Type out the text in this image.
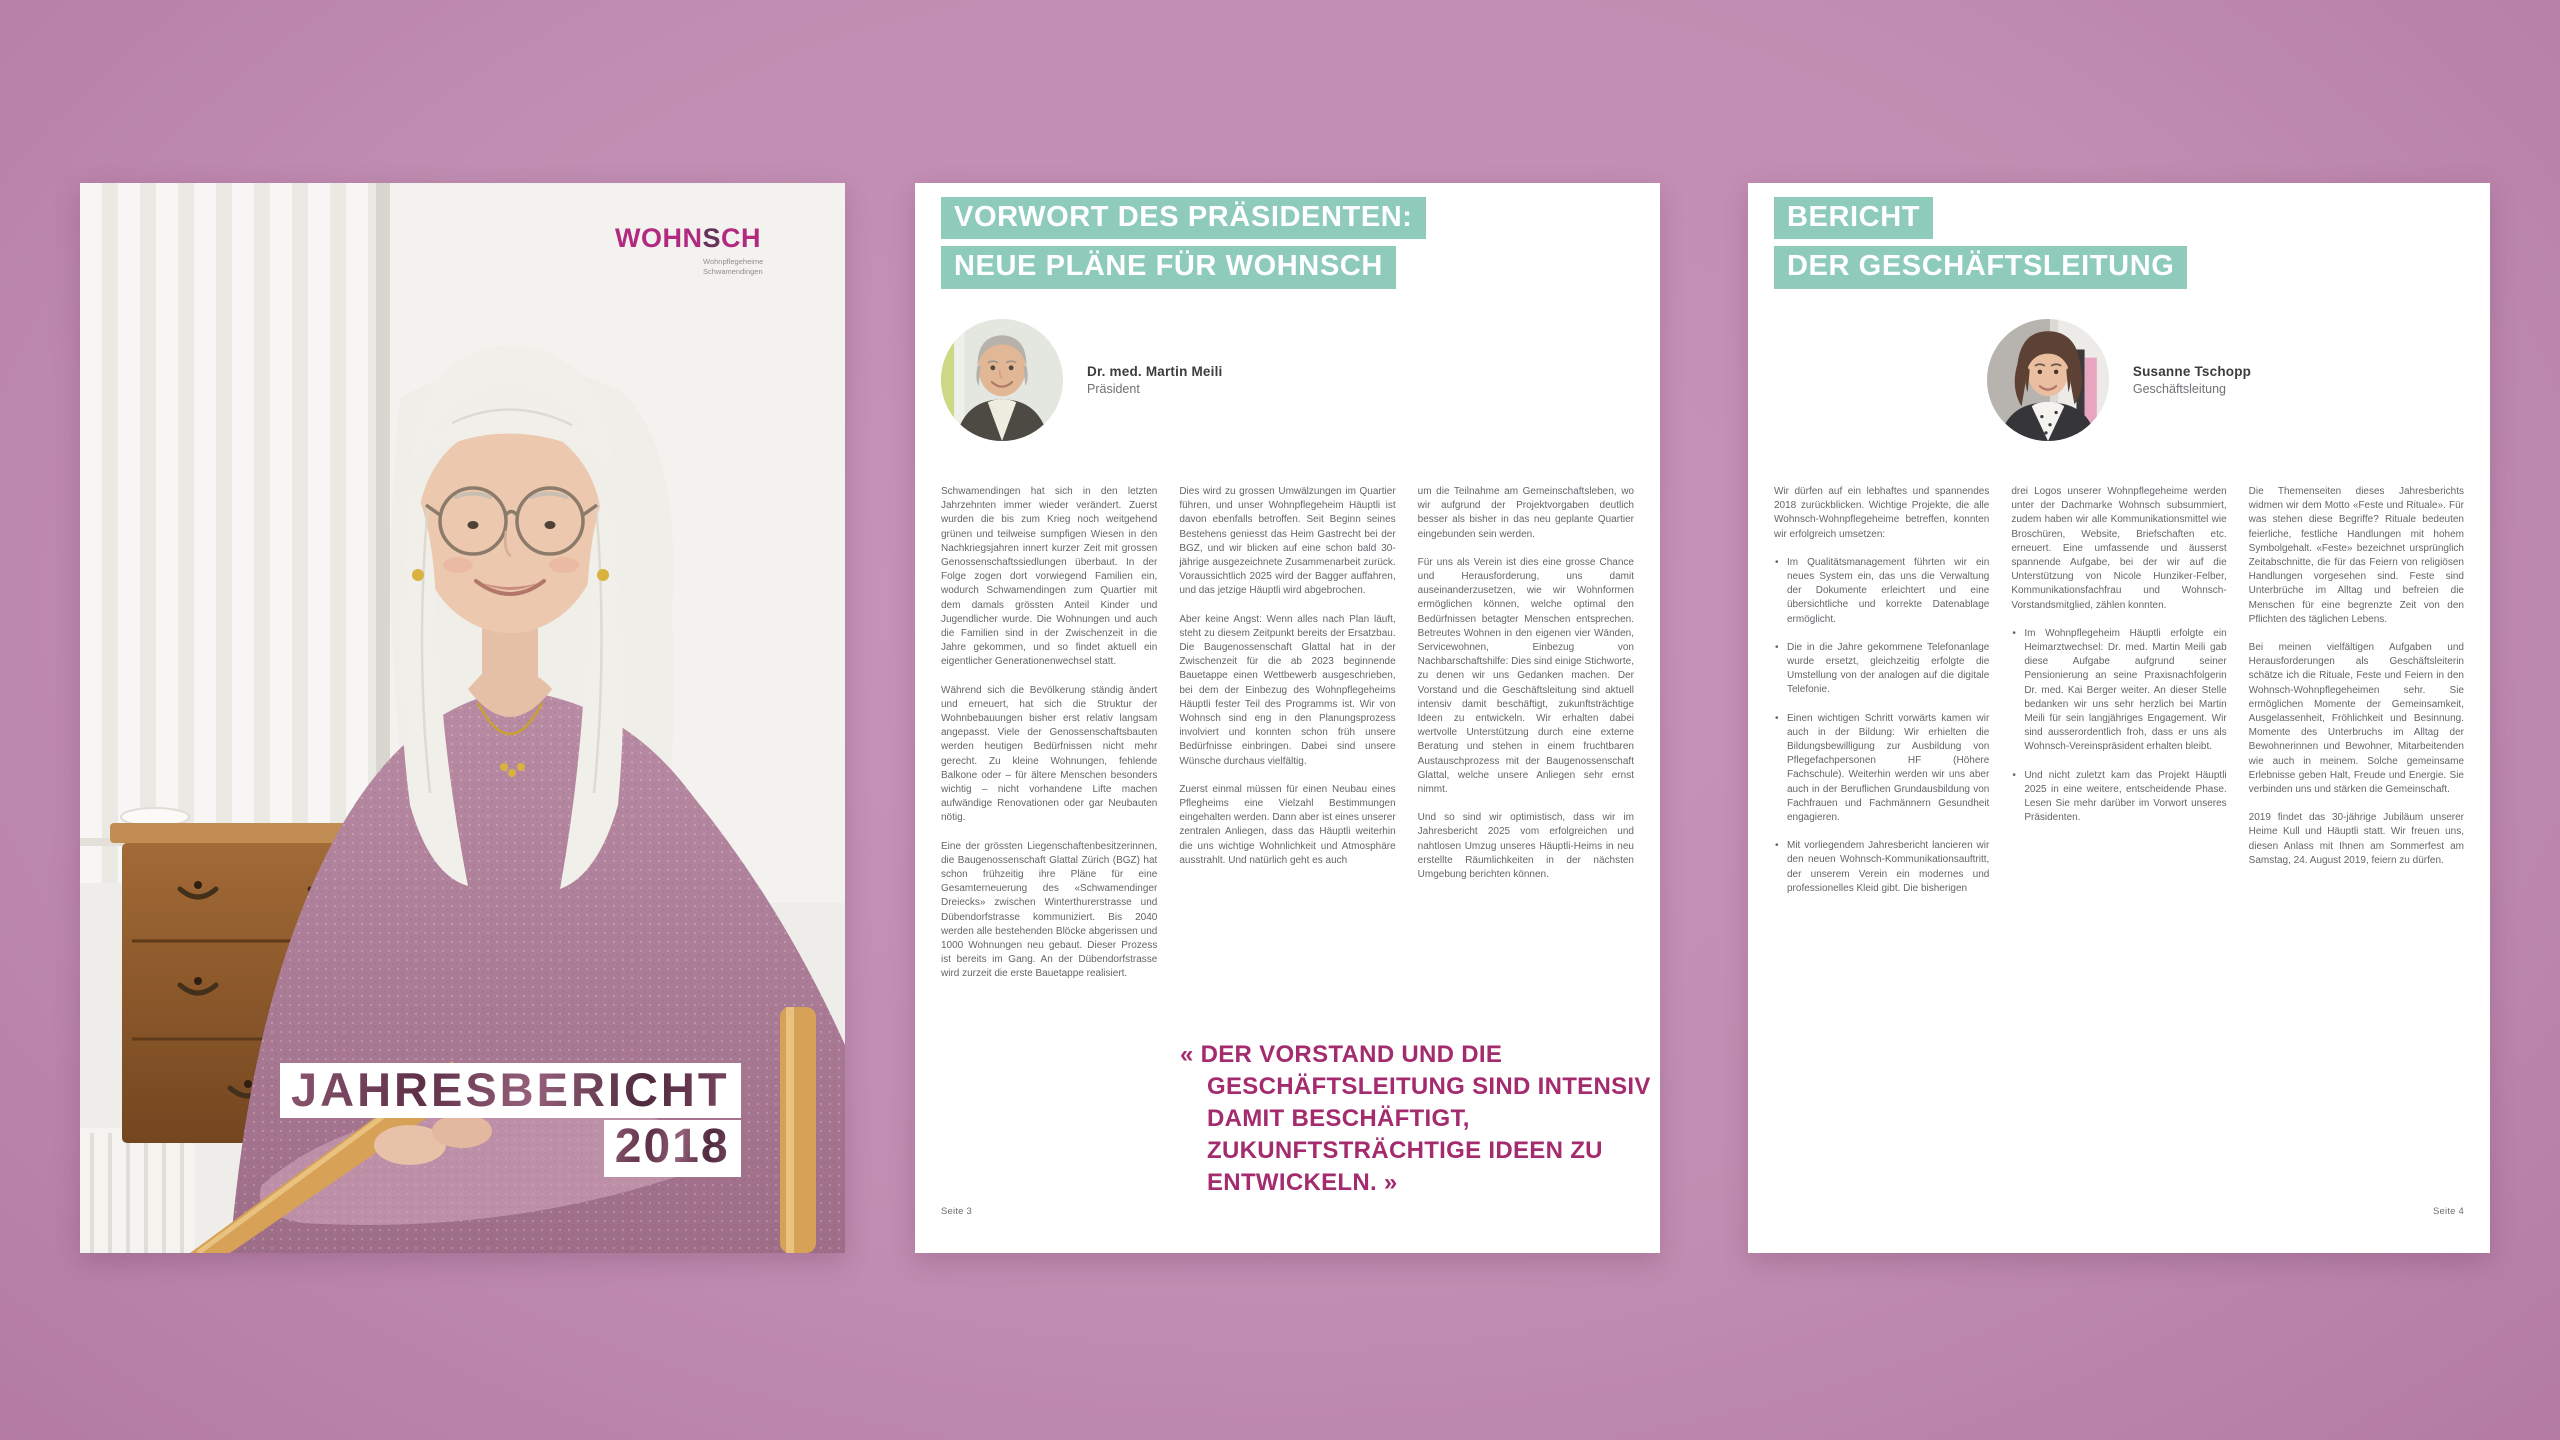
WOHNSCH
Wohnpflegeheime
Schwamendingen
JAHRESBERICHT
2018
VORWORT DES PRÄSIDENTEN:
NEUE PLÄNE FÜR WOHNSCH
Dr. med. Martin Meili
Präsident

Schwamendingen hat sich in den letzten Jahrzehnten immer wieder verändert. Zuerst wurden die bis zum Krieg noch weitgehend grünen und teilweise sumpfigen Wiesen in den Nachkriegsjahren innert kurzer Zeit mit grossen Genossenschaftssiedlungen überbaut. In der Folge zogen dort vorwiegend Familien ein, wodurch Schwamendingen zum Quartier mit dem damals grössten Anteil Kinder und Jugendlicher wurde. Die Wohnungen und auch die Familien sind in der Zwischenzeit in die Jahre gekommen, und so findet aktuell ein eigentlicher Generationenwechsel statt.

Während sich die Bevölkerung ständig ändert und erneuert, hat sich die Struktur der Wohnbebauungen bisher erst relativ langsam angepasst. Viele der Genossenschaftsbauten werden heutigen Bedürfnissen nicht mehr gerecht. Zu kleine Wohnungen, fehlende Balkone oder – für ältere Menschen besonders wichtig – nicht vorhandene Lifte machen aufwändige Renovationen oder gar Neubauten nötig.

Eine der grössten Liegenschaftenbesitzerinnen, die Baugenossenschaft Glattal Zürich (BGZ) hat schon frühzeitig ihre Pläne für eine Gesamterneuerung des «Schwamendinger Dreiecks» zwischen Winterthurerstrasse und Dübendorfstrasse kommuniziert. Bis 2040 werden alle bestehenden Blöcke abgerissen und 1000 Wohnungen neu gebaut. Dieser Prozess ist bereits im Gang. An der Dübendorfstrasse wird zurzeit die erste Bauetappe realisiert.

Dies wird zu grossen Umwälzungen im Quartier führen, und unser Wohnpflegeheim Häuptli ist davon ebenfalls betroffen. Seit Beginn seines Bestehens geniesst das Heim Gastrecht bei der BGZ, und wir blicken auf eine schon bald 30-jährige ausgezeichnete Zusammenarbeit zurück. Voraussichtlich 2025 wird der Bagger auffahren, und das jetzige Häuptli wird abgebrochen.

Aber keine Angst: Wenn alles nach Plan läuft, steht zu diesem Zeitpunkt bereits der Ersatzbau. Die Baugenossenschaft Glattal hat in der Zwischenzeit für die ab 2023 beginnende Bauetappe einen Wettbewerb ausgeschrieben, bei dem der Einbezug des Wohnpflegeheims Häuptli fester Teil des Programms ist. Wir von Wohnsch sind eng in den Planungsprozess involviert und konnten schon früh unsere Bedürfnisse einbringen. Dabei sind unsere Wünsche durchaus vielfältig.

Zuerst einmal müssen für einen Neubau eines Pflegheims eine Vielzahl Bestimmungen eingehalten werden. Dann aber ist eines unserer zentralen Anliegen, dass das Häuptli weiterhin die uns wichtige Wohnlichkeit und Atmosphäre ausstrahlt. Und natürlich geht es auch

um die Teilnahme am Gemeinschaftsleben, wo wir aufgrund der Projektvorgaben deutlich besser als bisher in das neu geplante Quartier eingebunden sein werden.

Für uns als Verein ist dies eine grosse Chance und Herausforderung, uns damit auseinanderzusetzen, wie wir Wohnformen ermöglichen können, welche optimal den Bedürfnissen betagter Menschen entsprechen. Betreutes Wohnen in den eigenen vier Wänden, Servicewohnen, Einbezug von Nachbarschaftshilfe: Dies sind einige Stichworte, zu denen wir uns Gedanken machen. Der Vorstand und die Geschäftsleitung sind aktuell intensiv damit beschäftigt, zukunftsträchtige Ideen zu entwickeln. Wir erhalten dabei wertvolle Unterstützung durch eine externe Beratung und stehen in einem fruchtbaren Austauschprozess mit der Baugenossenschaft Glattal, welche unsere Anliegen sehr ernst nimmt.

Und so sind wir optimistisch, dass wir im Jahresbericht 2025 vom erfolgreichen und nahtlosen Umzug unseres Häuptli-Heims in neu erstellte Räumlichkeiten in der nächsten Umgebung berichten können.

« DER VORSTAND UND DIE GESCHÄFTSLEITUNG SIND INTENSIV DAMIT BESCHÄFTIGT, ZUKUNFTSTRÄCHTIGE IDEEN ZU ENTWICKELN. »
Seite 3
BERICHT
DER GESCHÄFTSLEITUNG
Susanne Tschopp
Geschäftsleitung

Wir dürfen auf ein lebhaftes und spannendes 2018 zurückblicken. Wichtige Projekte, die alle Wohnsch-Wohnpflegeheime betreffen, konnten wir erfolgreich umsetzen:

• Im Qualitätsmanagement führten wir ein neues System ein, das uns die Verwaltung der Dokumente erleichtert und eine übersichtliche und korrekte Datenablage ermöglicht.
• Die in die Jahre gekommene Telefonanlage wurde ersetzt, gleichzeitig erfolgte die Umstellung von der analogen auf die digitale Telefonie.
• Einen wichtigen Schritt vorwärts kamen wir auch in der Bildung: Wir erhielten die Bildungsbewilligung zur Ausbildung von Pflegefachpersonen HF (Höhere Fachschule). Weiterhin werden wir uns aber auch in der Beruflichen Grundausbildung von Fachfrauen und Fachmännern Gesundheit engagieren.
• Mit vorliegendem Jahresbericht lancieren wir den neuen Wohnsch-Kommunikationsauftritt, der unserem Verein ein modernes und professionelles Kleid gibt. Die bisherigen

drei Logos unserer Wohnpflegeheime werden unter der Dachmarke Wohnsch subsummiert, zudem haben wir alle Kommunikationsmittel wie Broschüren, Website, Briefschaften etc. erneuert. Eine umfassende und äusserst spannende Aufgabe, bei der wir auf die Unterstützung von Nicole Hunziker-Felber, Kommunikationsfachfrau und Wohnsch-Vorstandsmitglied, zählen konnten.

• Im Wohnpflegeheim Häuptli erfolgte ein Heimarztwechsel: Dr. med. Martin Meili gab diese Aufgabe aufgrund seiner Pensionierung an seine Praxisnachfolgerin Dr. med. Kai Berger weiter. An dieser Stelle bedanken wir uns sehr herzlich bei Martin Meili für sein langjähriges Engagement. Wir sind ausserordentlich froh, dass er uns als Wohnsch-Vereinspräsident erhalten bleibt.
• Und nicht zuletzt kam das Projekt Häuptli 2025 in eine weitere, entscheidende Phase. Lesen Sie mehr darüber im Vorwort unseres Präsidenten.

Die Themenseiten dieses Jahresberichts widmen wir dem Motto «Feste und Rituale». Für was stehen diese Begriffe? Rituale bedeuten feierliche, festliche Handlungen mit hohem Symbolgehalt. «Feste» bezeichnet ursprünglich Zeitabschnitte, die für das Feiern von religiösen Handlungen vorgesehen sind. Feste sind Unterbrüche im Alltag und befreien die Menschen für eine begrenzte Zeit von den Pflichten des täglichen Lebens.

Bei meinen vielfältigen Aufgaben und Herausforderungen als Geschäftsleiterin schätze ich die Rituale, Feste und Feiern in den Wohnsch-Wohnpflegeheimen sehr. Sie ermöglichen Momente der Gemeinsamkeit, Ausgelassenheit, Fröhlichkeit und Besinnung. Momente des Unterbruchs im Alltag der Bewohnerinnen und Bewohner, Mitarbeitenden wie auch in meinem. Solche gemeinsame Erlebnisse geben Halt, Freude und Energie. Sie verbinden uns und stärken die Gemeinschaft.

2019 findet das 30-jährige Jubiläum unserer Heime Kull und Häuptli statt. Wir freuen uns, diesen Anlass mit Ihnen am Sommerfest am Samstag, 24. August 2019, feiern zu dürfen.

Seite 4
